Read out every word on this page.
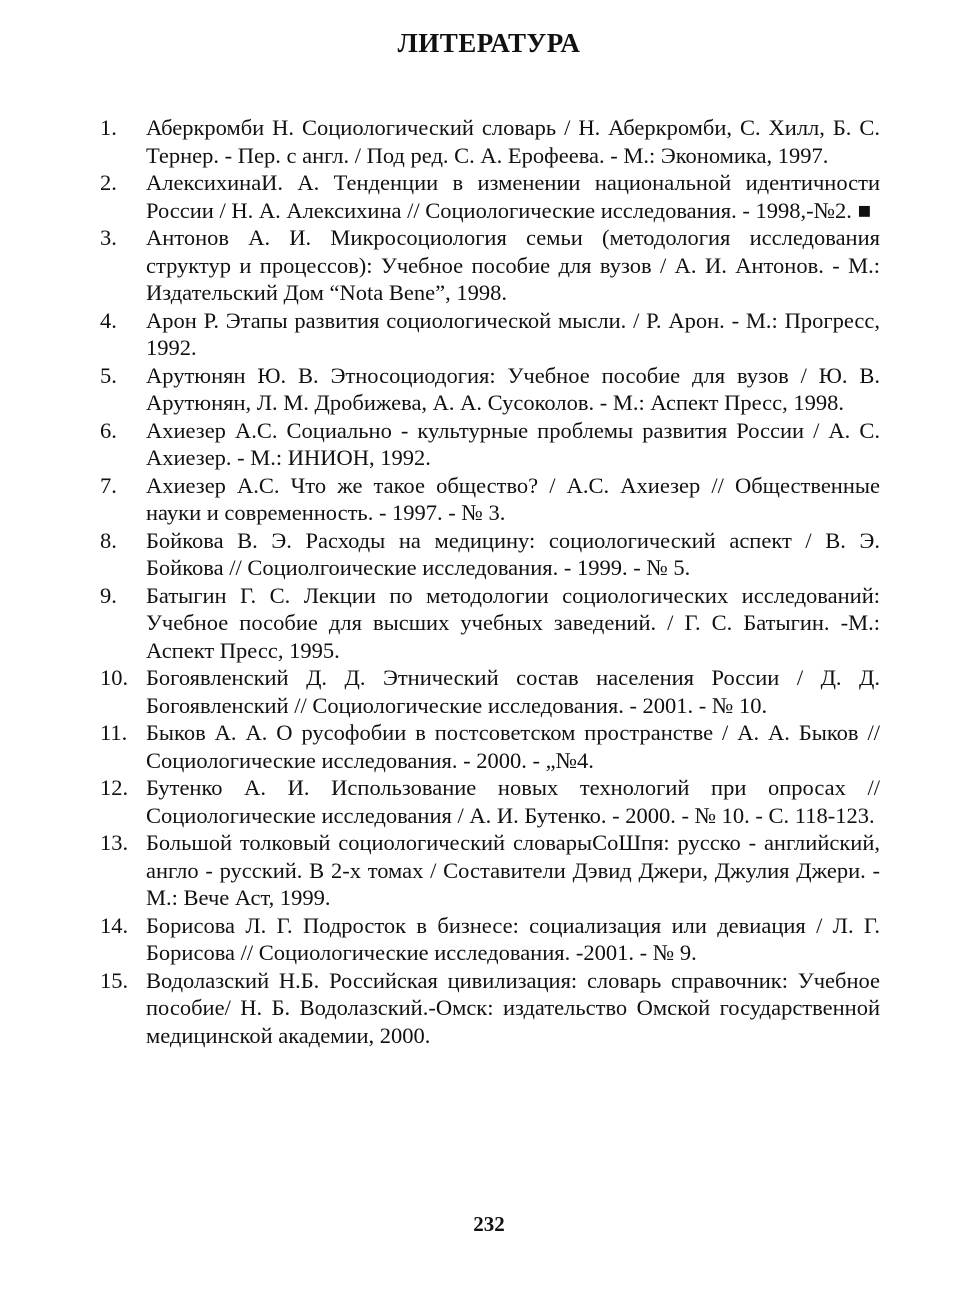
ЛИТЕРАТУРА
1.	Аберкромби Н. Социологический словарь / Н. Аберкромби, С. Хилл, Б. С. Тернер. - Пер. с англ. / Под ред. С. А. Ерофеева. - М.: Экономика, 1997.
2.	АлексихинаИ. А. Тенденции в изменении национальной идентичности России / Н. А. Алексихина // Социологические исследования. - 1998,-№2. ■
3.	Антонов А. И. Микросоциология семьи (методология исследования структур и процессов): Учебное пособие для вузов / А. И. Антонов. - М.: Издательский Дом “Nota Bene”, 1998.
4.	Арон Р. Этапы развития социологической мысли. / Р. Арон. - М.: Прогресс, 1992.
5.	Арутюнян Ю. В. Этносоциодогия: Учебное пособие для вузов / Ю. В. Арутюнян, Л. М. Дробижева, А. А. Сусоколов. - М.: Аспект Пресс, 1998.
6.	Ахиезер А.С. Социально - культурные проблемы развития России / А. С. Ахиезер. - М.: ИНИОН, 1992.
7.	Ахиезер А.С. Что же такое общество? / А.С. Ахиезер // Общественные науки и современность. - 1997. - № 3.
8.	Бойкова В. Э. Расходы на медицину: социологический аспект / В. Э. Бойкова // Социолгоические исследования. - 1999. - № 5.
9.	Батыгин Г. С. Лекции по методологии социологических исследований: Учебное пособие для высших учебных заведений. / Г. С. Батыгин. -М.: Аспект Пресс, 1995.
10. Богоявленский Д. Д. Этнический состав населения России / Д. Д. Богоявленский // Социологические исследования. - 2001. - № 10.
11. Быков А. А. О русофобии в постсоветском пространстве / А. А. Быков // Социологические исследования. - 2000. - „№4.
12. Бутенко А. И. Использование новых технологий при опросах // Социологические исследования / А. И. Бутенко. - 2000. - № 10. - С. 118-123.
13. Большой толковый социологический словарыСоШпя: русско - английский, англо - русский. В 2-х томах / Составители Дэвид Джери, Джулия Джери. - М.: Вече Аст, 1999.
14. Борисова Л. Г. Подросток в бизнесе: социализация или девиация / Л. Г. Борисова // Социологические исследования. -2001. - № 9.
15. Водолазский Н.Б. Российская цивилизация: словарь справочник: Учебное пособие/ Н. Б. Водолазский.-Омск: издательство Омской государственной медицинской академии, 2000.
232
